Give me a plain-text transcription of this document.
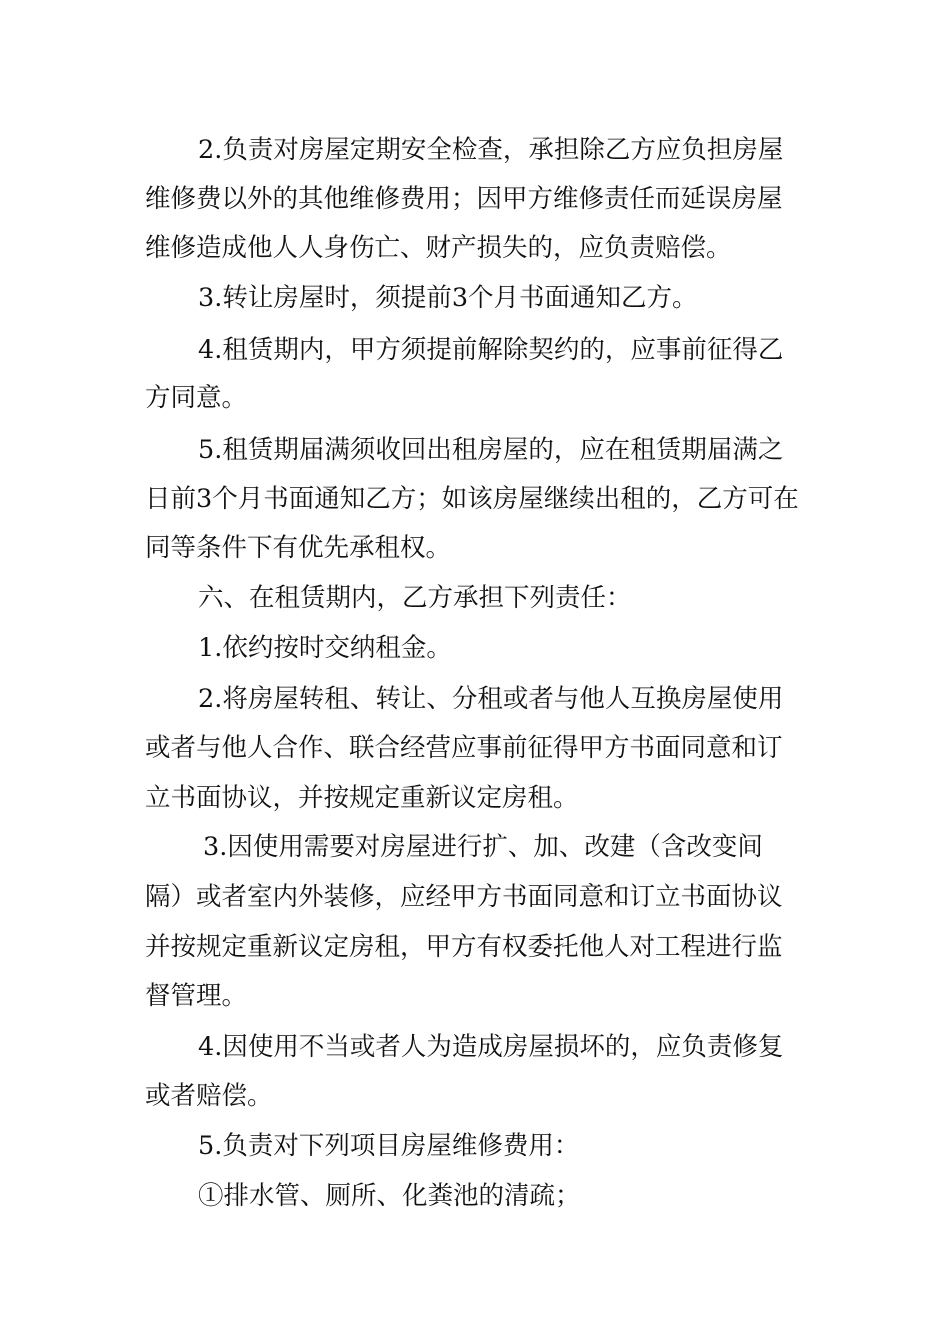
2.负责对房屋定期安全检查，承担除乙方应负担房屋
维修费以外的其他维修费用；因甲方维修责任而延误房屋
维修造成他人人身伤亡、财产损失的，应负责赔偿。
3.转让房屋时，须提前3个月书面通知乙方。
4.租赁期内，甲方须提前解除契约的，应事前征得乙
方同意。
5.租赁期届满须收回出租房屋的，应在租赁期届满之
日前3个月书面通知乙方；如该房屋继续出租的，乙方可在
同等条件下有优先承租权。
六、在租赁期内，乙方承担下列责任：
1.依约按时交纳租金。
2.将房屋转租、转让、分租或者与他人互换房屋使用
或者与他人合作、联合经营应事前征得甲方书面同意和订
立书面协议，并按规定重新议定房租。
3.因使用需要对房屋进行扩、加、改建（含改变间
隔）或者室内外装修，应经甲方书面同意和订立书面协议
并按规定重新议定房租，甲方有权委托他人对工程进行监
督管理。
4.因使用不当或者人为造成房屋损坏的，应负责修复
或者赔偿。
5.负责对下列项目房屋维修费用：
①排水管、厕所、化粪池的清疏；
